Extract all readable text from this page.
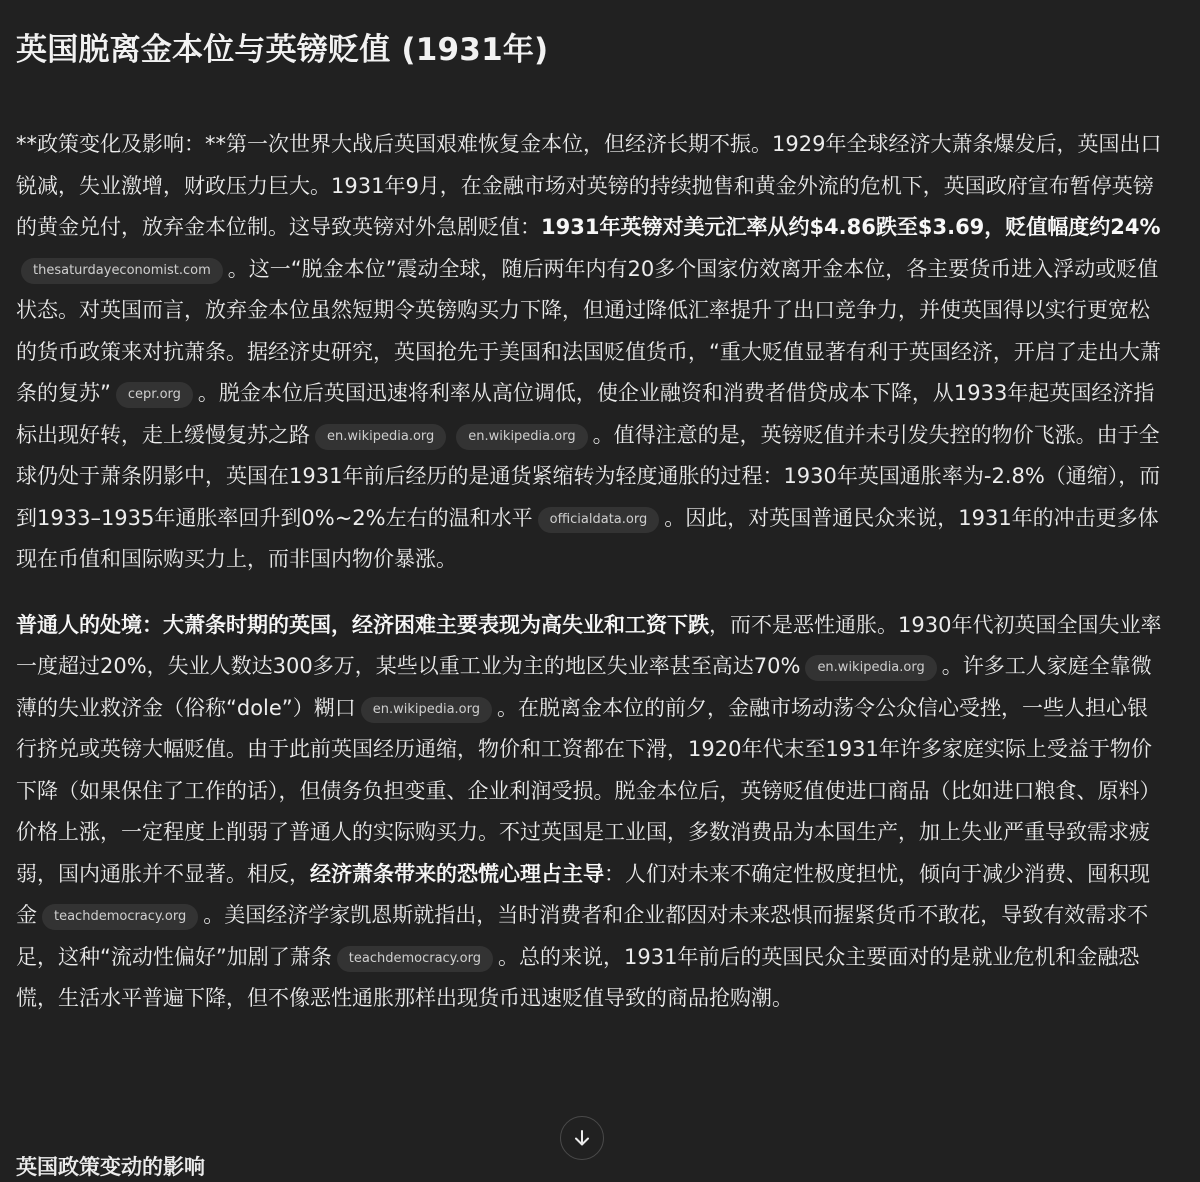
英国脱离金本位与英镑贬值 (1931年)

**政策变化及影响：**第一次世界大战后英国艰难恢复金本位，但经济长期不振。1929年全球经济大萧条爆发后，英国出口锐减，失业激增，财政压力巨大。1931年9月，在金融市场对英镑的持续抛售和黄金外流的危机下，英国政府宣布暂停英镑的黄金兑付，放弃金本位制。这导致英镑对外急剧贬值：1931年英镑对美元汇率从约$4.86跌至$3.69，贬值幅度约24%thesaturdayeconomist.com 。这一“脱金本位”震动全球，随后两年内有20多个国家仿效离开金本位，各主要货币进入浮动或贬值状态。对英国而言，放弃金本位虽然短期令英镑购买力下降，但通过降低汇率提升了出口竞争力，并使英国得以实行更宽松的货币政策来对抗萧条。据经济史研究，英国抢先于美国和法国贬值货币，“重大贬值显著有利于英国经济，开启了走出大萧条的复苏” cepr.org 。脱金本位后英国迅速将利率从高位调低，使企业融资和消费者借贷成本下降，从1933年起英国经济指标出现好转，走上缓慢复苏之路 en.wikipedia.org	en.wikipedia.org 。值得注意的是，英镑贬值并未引发失控的物价飞涨。由于全球仍处于萧条阴影中，英国在1931年前后经历的是通货紧缩转为轻度通胀的过程：1930年英国通胀率为-2.8%（通缩），而到1933–1935年通胀率回升到0%~2%左右的温和水平 officialdata.org 。因此，对英国普通民众来说，1931年的冲击更多体现在币值和国际购买力上，而非国内物价暴涨。

普通人的处境：大萧条时期的英国，经济困难主要表现为高失业和工资下跌，而不是恶性通胀。1930年代初英国全国失业率一度超过20%，失业人数达300多万，某些以重工业为主的地区失业率甚至高达70% en.wikipedia.org 。许多工人家庭全靠微薄的失业救济金（俗称“dole”）糊口 en.wikipedia.org 。在脱离金本位的前夕，金融市场动荡令公众信心受挫，一些人担心银行挤兑或英镑大幅贬值。由于此前英国经历通缩，物价和工资都在下滑，1920年代末至1931年许多家庭实际上受益于物价下降（如果保住了工作的话），但债务负担变重、企业利润受损。脱金本位后，英镑贬值使进口商品（比如进口粮食、原料）价格上涨，一定程度上削弱了普通人的实际购买力。不过英国是工业国，多数消费品为本国生产，加上失业严重导致需求疲弱，国内通胀并不显著。相反，经济萧条带来的恐慌心理占主导：人们对未来不确定性极度担忧，倾向于减少消费、囤积现金 teachdemocracy.org 。美国经济学家凯恩斯就指出，当时消费者和企业都因对未来恐惧而握紧货币不敢花，导致有效需求不足，这种“流动性偏好”加剧了萧条 teachdemocracy.org 。总的来说，1931年前后的英国民众主要面对的是就业危机和金融恐慌，生活水平普遍下降，但不像恶性通胀那样出现货币迅速贬值导致的商品抢购潮。

英国政策变动的影响
